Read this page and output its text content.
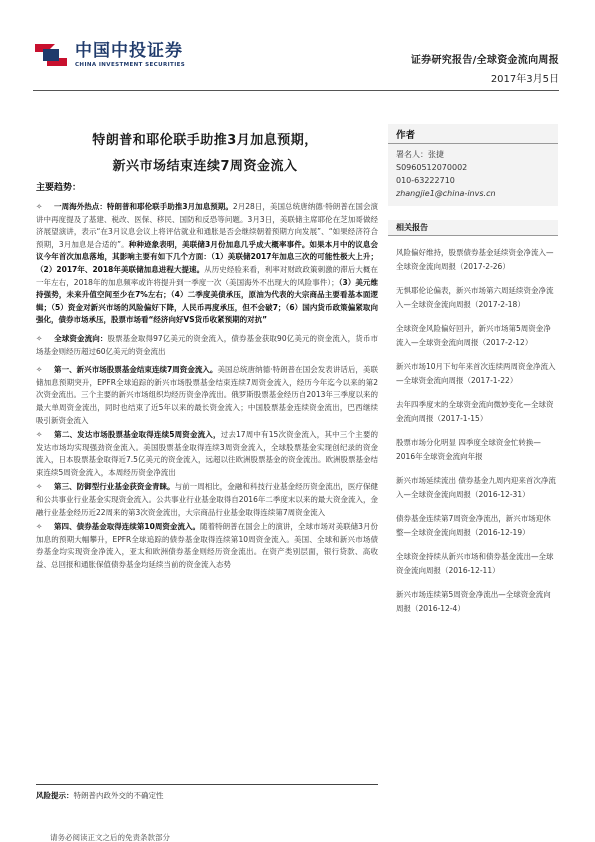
中国中投证券
CHINA INVESTMENT SECURITIES	证券研究报告/全球资金流向周报
2017年3月5日
特朗普和耶伦联手助推3月加息预期，
新兴市场结束连续7周资金流入
主要趋势：
✧ 一周海外热点：特朗普和耶伦联手助推3月加息预期。2月28日，美国总统唐纳德·特朗普在国会演讲中再度提及了基建、税改、医保、移民、国防和反恐等问题。3月3日，美联储主席耶伦在芝加哥做经济展望演讲，表示“在3月议息会议上将评估就业和通胀是否会继续朝着预期方向发展”、“如果经济符合预期，3月加息是合适的”。种种迹象表明，美联储3月份加息几乎成大概率事件。如果本月中的议息会议今年首次加息落地，其影响主要有如下几个方面：（1）美联储2017年加息三次的可能性极大上升；（2）2017年、2018年美联储加息进程大提速。从历史经验来看，利率对财政政策刺激的滞后大概在一年左右，2018年的加息频率或许将提升到一季度一次（美国海外不出现大的风险事件）；（3）美元维持强势，未来升值空间至少在7%左右；（4）二季度美债承压，原油为代表的大宗商品主要看基本面逻辑；（5）资金对新兴市场的风险偏好下降，人民币再度承压，但不会破7；（6）国内货币政策偏紧取向强化，债券市场承压，股票市场看“经济向好VS货币收紧预期的对抗”
✧ 全球资金流向：股票基金取得97亿美元的资金流入，债券基金获取90亿美元的资金流入，货币市场基金则经历超过60亿美元的资金流出
✧ 第一、新兴市场股票基金结束连续7周资金流入。美国总统唐纳德·特朗普在国会发表讲话后，美联储加息预期突升，EPFR全球追踪的新兴市场股票基金结束连续7周资金流入，经历今年迄今以来的第2次资金流出。三个主要的新兴市场组织均经历资金净流出。俄罗斯股票基金经历自2013年三季度以来的最大单周资金流出，同时也结束了近5年以来的最长资金流入；中国股票基金连续资金流出，巴西继续吸引新资金流入
✧ 第二、发达市场股票基金取得连续5周资金流入，过去17周中有15次资金流入，其中三个主要的发达市场均实现强劲资金流入。美国股票基金取得连续3周资金流入，全球股票基金实现创纪录的资金流入，日本股票基金取得近7.5亿美元的资金流入，远超以往欧洲股票基金的资金流出。欧洲股票基金结束连续5周资金流入，本周经历资金净流出
✧ 第三、防御型行业基金获资金青睐。与前一周相比，金融和科技行业基金经历资金流出，医疗保健和公共事业行业基金实现资金流入。公共事业行业基金取得自2016年二季度末以来的最大资金流入，金融行业基金经历近22周来的第3次资金流出，大宗商品行业基金取得连续第7周资金流入
✧ 第四、债券基金取得连续第10周资金流入。随着特朗普在国会上的演讲，全球市场对美联储3月份加息的预期大幅攀升，EPFR全球追踪的债券基金取得连续第10周资金流入。美国、全球和新兴市场债券基金均实现资金净流入，亚太和欧洲债券基金则经历资金流出。在资产类别层面，银行贷款、高收益、总回报和通胀保值债券基金均延续当前的资金流入态势
风险提示：特朗普内政外交的不确定性
请务必阅读正文之后的免责条款部分
作者
署名人：张捷
S0960512070002
010-63222710
zhangjie1@china-invs.cn
相关报告
风险偏好维持，股票债券基金延续资金净流入—全球资金流向周报（2017-2-26）
无惧耶伦论偏表，新兴市场第六周延续资金净流入—全球资金流向周报（2017-2-18）
全球资金风险偏好回升，新兴市场第5周资金净流入—全球资金流向周报（2017-2-12）
新兴市场10月下旬年来首次连续两周资金净流入—全球资金流向周报（2017-1-22）
去年四季度末的全球资金流向微妙变化—全球资金流向周报（2017-1-15）
股票市场分化明显 四季度全球资金忙转换—2016年全球资金流向年报
新兴市场延续流出 债券基金九周内迎来首次净流入—全球资金流向周报（2016-12-31）
债券基金连续第7周资金净流出，新兴市场迎休整—全球资金流向周报（2016-12-19）
全球资金持续从新兴市场和债券基金流出—全球资金流向周报（2016-12-11）
新兴市场连续第5周资金净流出—全球资金流向周报（2016-12-4）
